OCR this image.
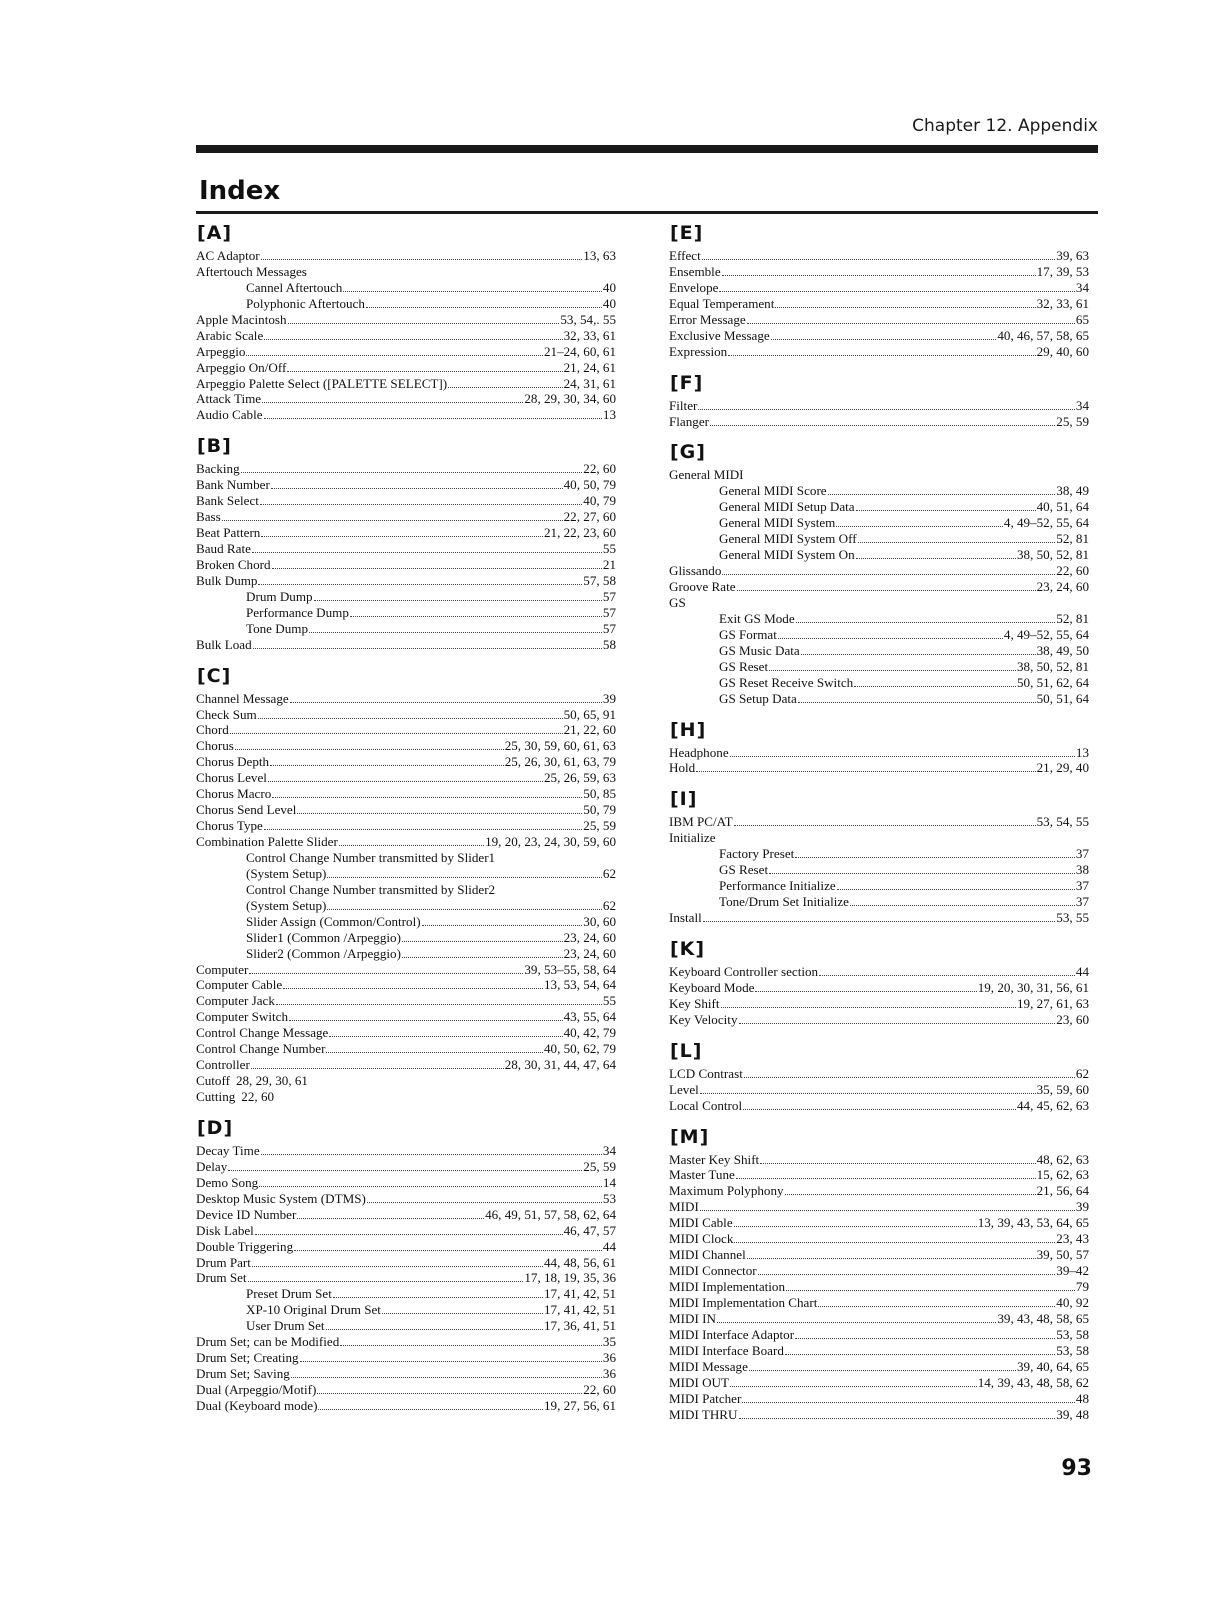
Chapter 12. Appendix
Index
[A]
AC Adaptor	13, 63
Aftertouch Messages
Cannel Aftertouch	40
Polyphonic Aftertouch	40
Apple Macintosh	53, 54,. 55
Arabic Scale	32, 33, 61
Arpeggio	21–24, 60, 61
Arpeggio On/Off	21, 24, 61
Arpeggio Palette Select ([PALETTE SELECT])	24, 31, 61
Attack Time	28, 29, 30, 34, 60
Audio Cable	13
[B]
Backing	22, 60
Bank Number	40, 50, 79
Bank Select	40, 79
Bass	22, 27, 60
Beat Pattern	21, 22, 23, 60
Baud Rate	55
Broken Chord	21
Bulk Dump	57, 58
Drum Dump	57
Performance Dump	57
Tone Dump	57
Bulk Load	58
[C]
Channel Message	39
Check Sum	50, 65, 91
Chord	21, 22, 60
Chorus	25, 30, 59, 60, 61, 63
Chorus Depth	25, 26, 30, 61, 63, 79
Chorus Level	25, 26, 59, 63
Chorus Macro	50, 85
Chorus Send Level	50, 79
Chorus Type	25, 59
Combination Palette Slider	19, 20, 23, 24, 30, 59, 60
Control Change Number transmitted by Slider1
(System Setup)	62
Control Change Number transmitted by Slider2
(System Setup)	62
Slider Assign (Common/Control)	30, 60
Slider1 (Common /Arpeggio)	23, 24, 60
Slider2 (Common /Arpeggio)	23, 24, 60
Computer	39, 53–55, 58, 64
Computer Cable	13, 53, 54, 64
Computer Jack	55
Computer Switch	43, 55, 64
Control Change Message	40, 42, 79
Control Change Number	40, 50, 62, 79
Controller	28, 30, 31, 44, 47, 64
Cutoff 28, 29, 30, 61
Cutting 22, 60
[D]
Decay Time	34
Delay	25, 59
Demo Song	14
Desktop Music System (DTMS)	53
Device ID Number	46, 49, 51, 57, 58, 62, 64
Disk Label	46, 47, 57
Double Triggering	44
Drum Part	44, 48, 56, 61
Drum Set	17, 18, 19, 35, 36
Preset Drum Set	17, 41, 42, 51
XP-10 Original Drum Set	17, 41, 42, 51
User Drum Set	17, 36, 41, 51
Drum Set; can be Modified	35
Drum Set; Creating	36
Drum Set; Saving	36
Dual (Arpeggio/Motif)	22, 60
Dual (Keyboard mode)	19, 27, 56, 61
[E]
Effect	39, 63
Ensemble	17, 39, 53
Envelope	34
Equal Temperament	32, 33, 61
Error Message	65
Exclusive Message	40, 46, 57, 58, 65
Expression	29, 40, 60
[F]
Filter	34
Flanger	25, 59
[G]
General MIDI
General MIDI Score	38, 49
General MIDI Setup Data	40, 51, 64
General MIDI System	4, 49–52, 55, 64
General MIDI System Off	52, 81
General MIDI System On	38, 50, 52, 81
Glissando	22, 60
Groove Rate	23, 24, 60
GS
Exit GS Mode	52, 81
GS Format	4, 49–52, 55, 64
GS Music Data	38, 49, 50
GS Reset	38, 50, 52, 81
GS Reset Receive Switch	50, 51, 62, 64
GS Setup Data	50, 51, 64
[H]
Headphone	13
Hold	21, 29, 40
[I]
IBM PC/AT	53, 54, 55
Initialize
Factory Preset	37
GS Reset	38
Performance Initialize	37
Tone/Drum Set Initialize	37
Install	53, 55
[K]
Keyboard Controller section	44
Keyboard Mode	19, 20, 30, 31, 56, 61
Key Shift	19, 27, 61, 63
Key Velocity	23, 60
[L]
LCD Contrast	62
Level	35, 59, 60
Local Control	44, 45, 62, 63
[M]
Master Key Shift	48, 62, 63
Master Tune	15, 62, 63
Maximum Polyphony	21, 56, 64
MIDI	39
MIDI Cable	13, 39, 43, 53, 64, 65
MIDI Clock	23, 43
MIDI Channel	39, 50, 57
MIDI Connector	39–42
MIDI Implementation	79
MIDI Implementation Chart	40, 92
MIDI IN	39, 43, 48, 58, 65
MIDI Interface Adaptor	53, 58
MIDI Interface Board	53, 58
MIDI Message	39, 40, 64, 65
MIDI OUT	14, 39, 43, 48, 58, 62
MIDI Patcher	48
MIDI THRU	39, 48
93
